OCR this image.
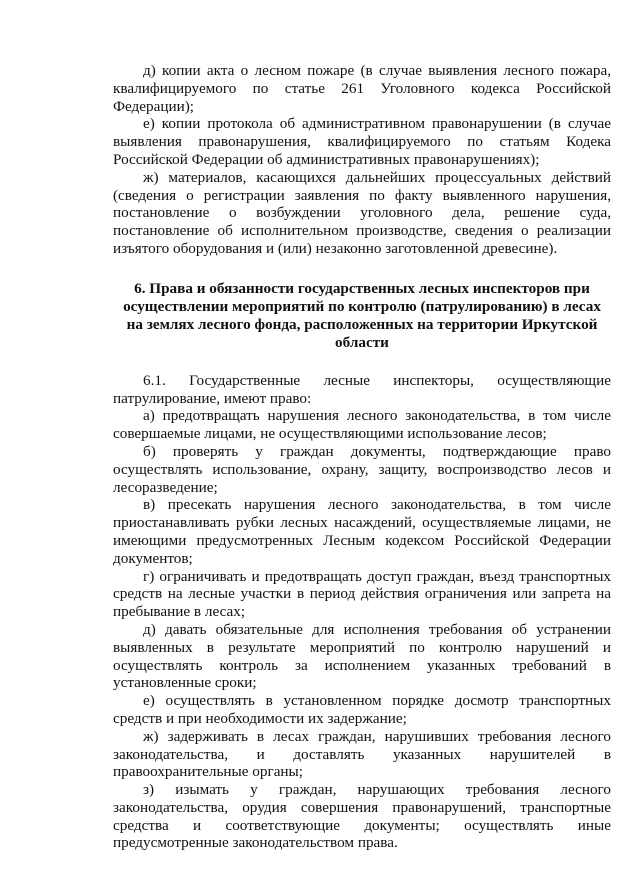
д) копии акта о лесном пожаре (в случае выявления лесного пожара, квалифицируемого по статье 261 Уголовного кодекса Российской Федерации);

е) копии протокола об административном правонарушении (в случае выявления правонарушения, квалифицируемого по статьям Кодека Российской Федерации об административных правонарушениях);

ж) материалов, касающихся дальнейших процессуальных действий (сведения о регистрации заявления по факту выявленного нарушения, постановление о возбуждении уголовного дела, решение суда, постановление об исполнительном производстве, сведения о реализации изъятого оборудования и (или) незаконно заготовленной древесине).

6. Права и обязанности государственных лесных инспекторов при осуществлении мероприятий по контролю (патрулированию) в лесах на землях лесного фонда, расположенных на территории Иркутской области

6.1. Государственные лесные инспекторы, осуществляющие патрулирование, имеют право:

а) предотвращать нарушения лесного законодательства, в том числе совершаемые лицами, не осуществляющими использование лесов;

б) проверять у граждан документы, подтверждающие право осуществлять использование, охрану, защиту, воспроизводство лесов и лесоразведение;

в) пресекать нарушения лесного законодательства, в том числе приостанавливать рубки лесных насаждений, осуществляемые лицами, не имеющими предусмотренных Лесным кодексом Российской Федерации документов;

г) ограничивать и предотвращать доступ граждан, въезд транспортных средств на лесные участки в период действия ограничения или запрета на пребывание в лесах;

д) давать обязательные для исполнения требования об устранении выявленных в результате мероприятий по контролю нарушений и осуществлять контроль за исполнением указанных требований в установленные сроки;

е) осуществлять в установленном порядке досмотр транспортных средств и при необходимости их задержание;

ж) задерживать в лесах граждан, нарушивших требования лесного законодательства, и доставлять указанных нарушителей в правоохранительные органы;

з) изымать у граждан, нарушающих требования лесного законодательства, орудия совершения правонарушений, транспортные средства и соответствующие документы; осуществлять иные предусмотренные законодательством права.
